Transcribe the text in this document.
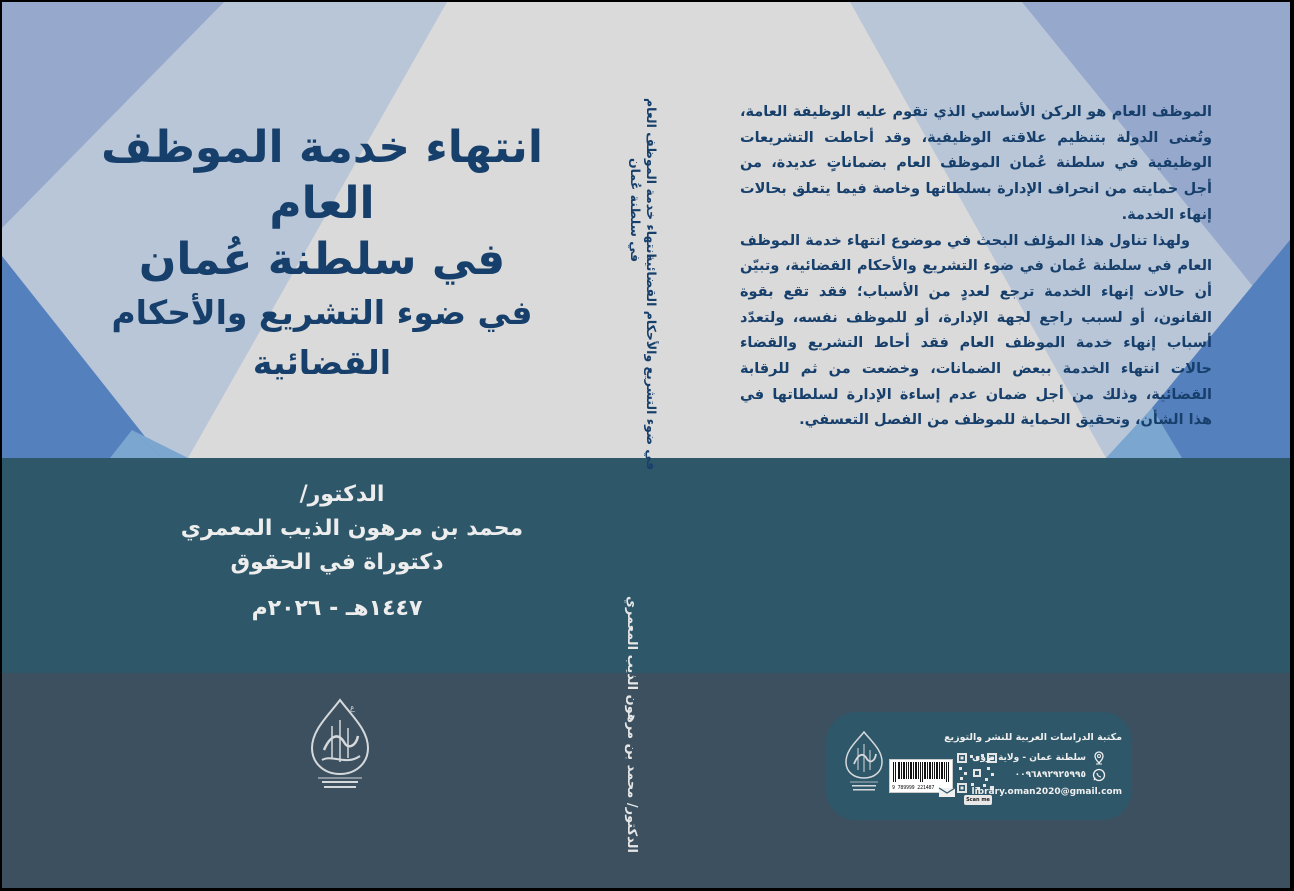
انتهاء خدمة الموظف العام
في سلطنة عُمان
في ضوء التشريع والأحكام القضائية
الدكتور/
محمد بن مرهون الذيب المعمري
دكتوراة في الحقوق
١٤٤٧هـ - ٢٠٢٦م
ع
انتهاء خدمة الموظف العام
في سلطنة عُمان
في ضوء التشريع والأحكام القضائية
الدكتور/ محمد بن مرهون الذيب المعمري

الموظف العام هو الركن الأساسي الذي تقوم عليه الوظيفة العامة، وتُعنى الدولة بتنظيم علاقته الوظيفية، وقد أحاطت التشريعات الوظيفية في سلطنة عُمان الموظف العام بضماناتٍ عديدة، من أجل حمايته من انحراف الإدارة بسلطاتها وخاصة فيما يتعلق بحالات إنهاء الخدمة.

ولهذا تناول هذا المؤلف البحث في موضوع انتهاء خدمة الموظف العام في سلطنة عُمان في ضوء التشريع والأحكام القضائية، وتبيّن أن حالات إنهاء الخدمة ترجع لعددٍ من الأسباب؛ فقد تقع بقوة القانون، أو لسبب راجع لجهة الإدارة، أو للموظف نفسه، ولتعدّد أسباب إنهاء خدمة الموظف العام فقد أحاط التشريع والقضاء حالات انتهاء الخدمة ببعض الضمانات، وخضعت من ثم للرقابة القضائية، وذلك من أجل ضمان عدم إساءة الإدارة لسلطاتها في هذا الشأن، وتحقيق الحماية للموظف من الفصل التعسفي.

9 789999 221487
Scan me
مكتبة الدراسات العربية للنشر والتوزيع
سلطنة عمان - ولاية نزوى
٠٠٩٦٨٩٢٩٢٥٩٩٥
library.oman2020@gmail.com
